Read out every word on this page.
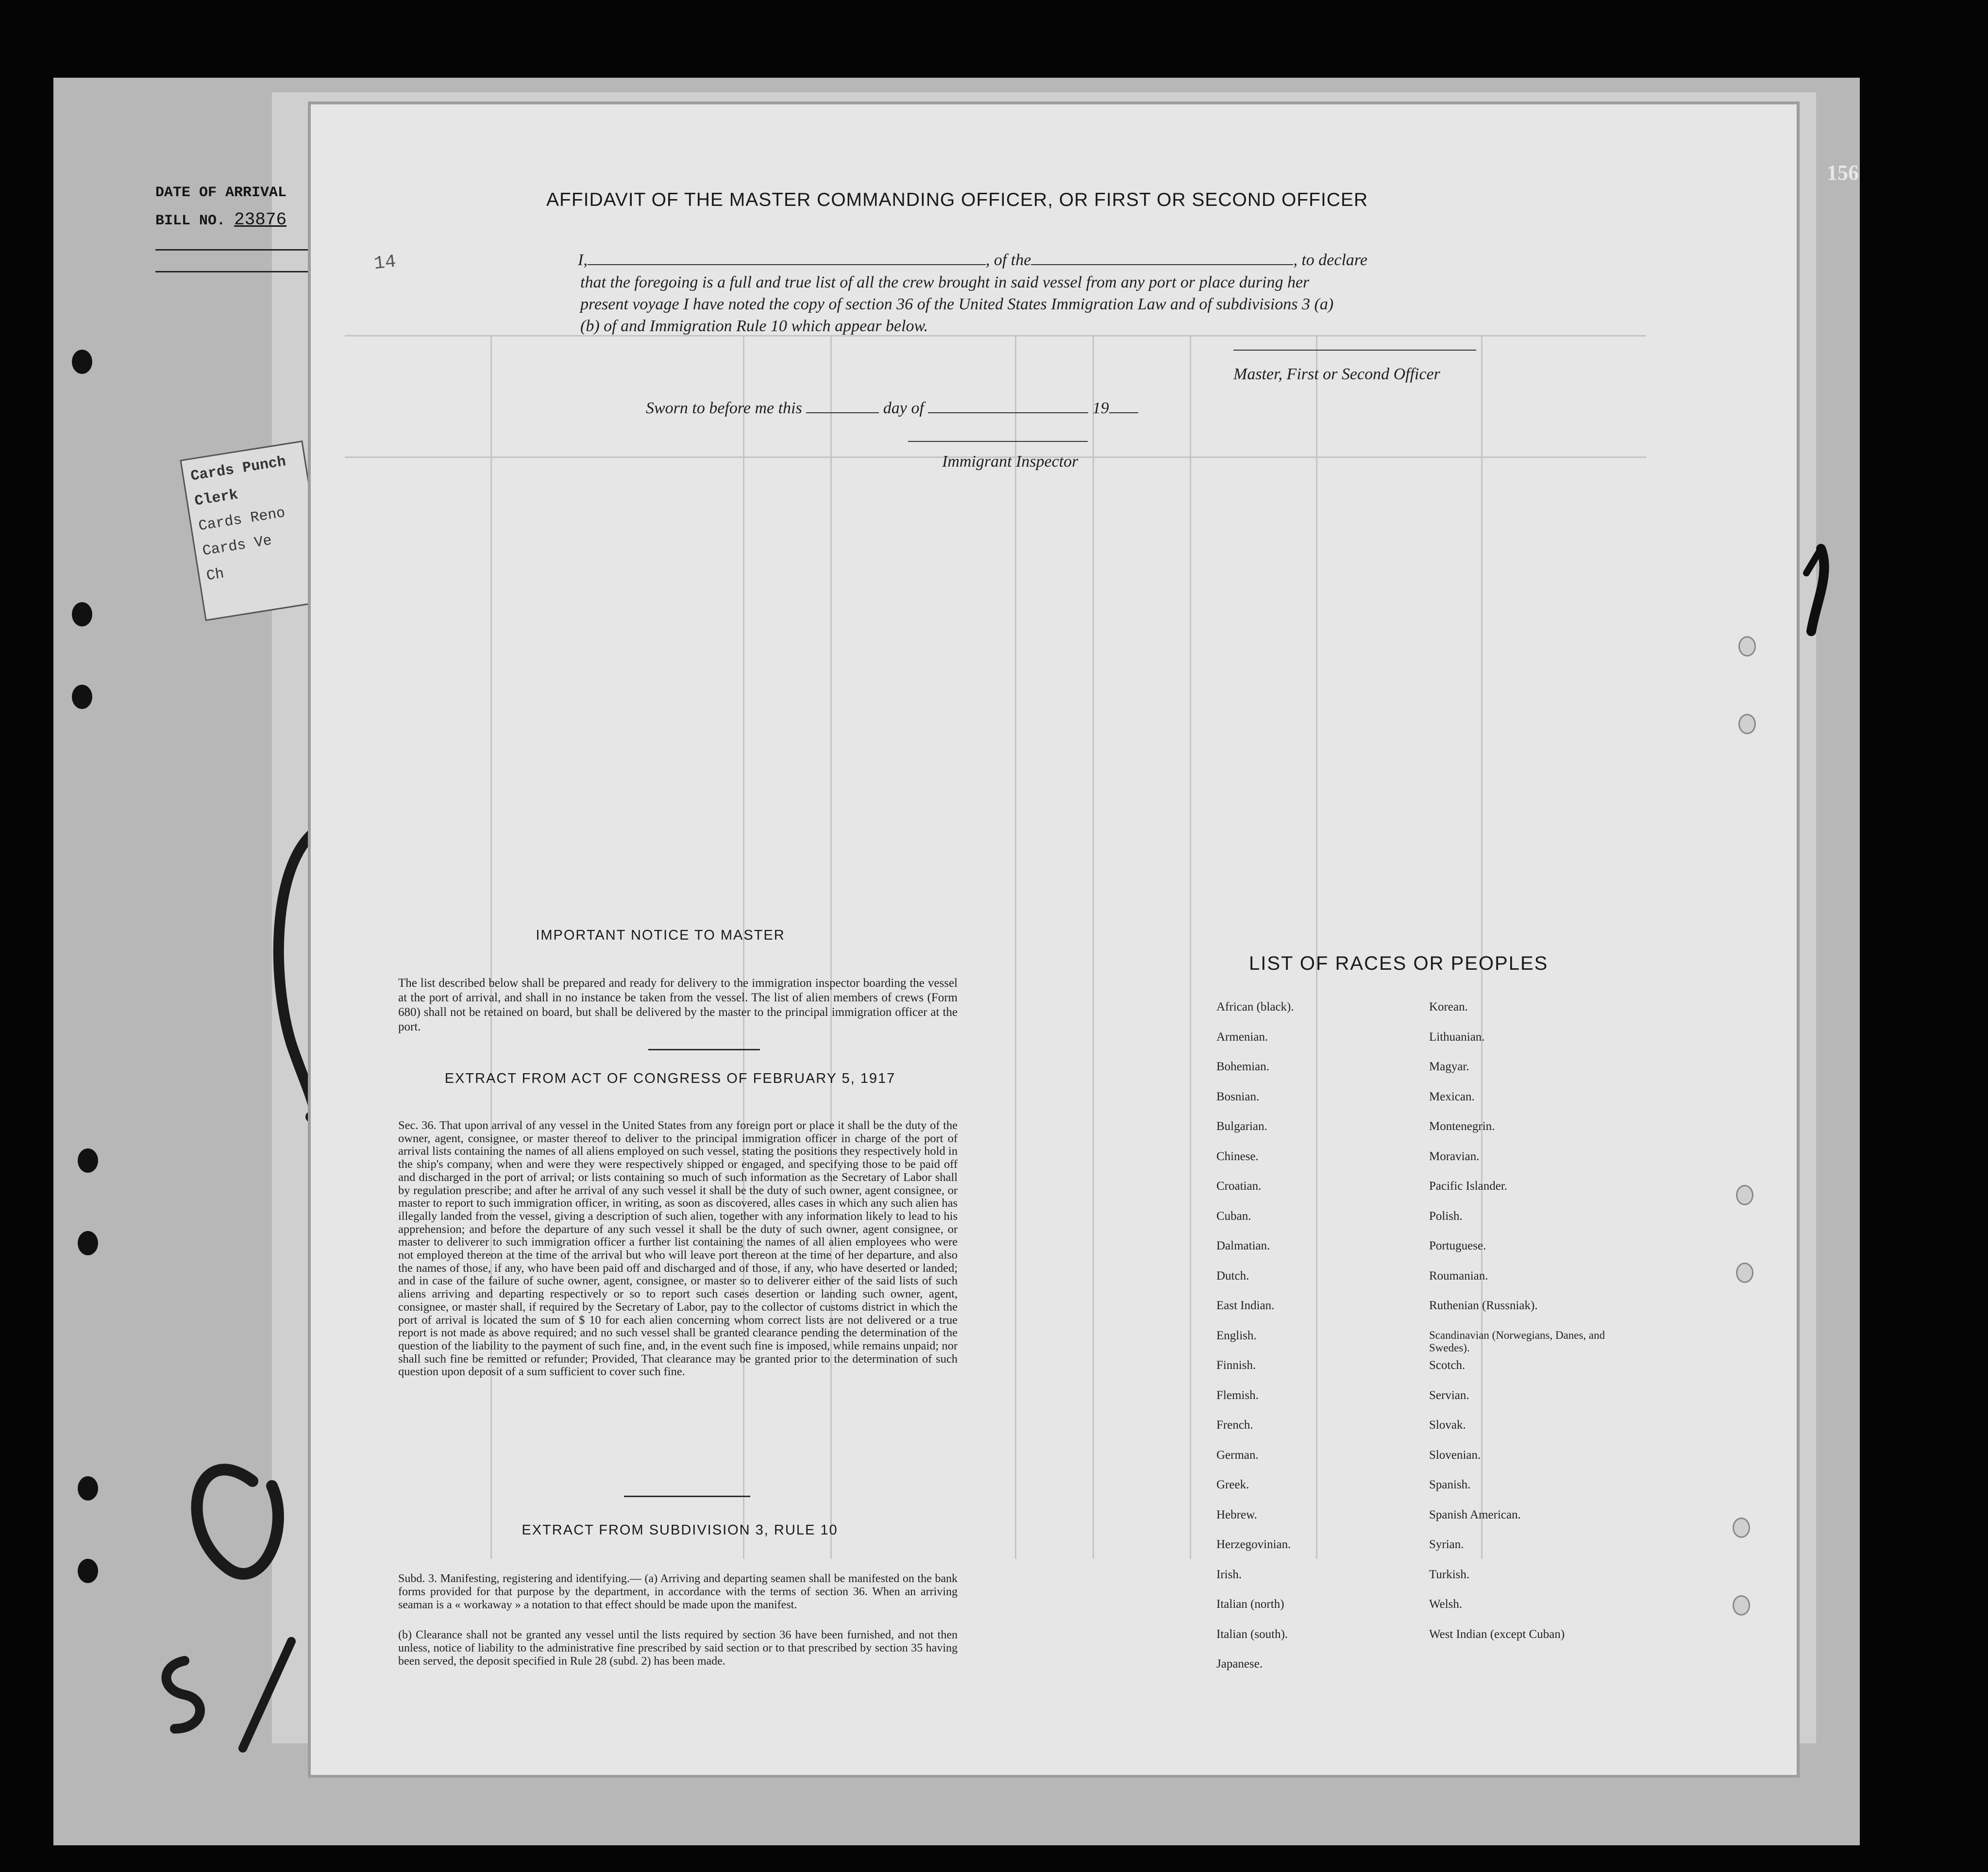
DATE OF ARRIVAL
BILL NO. 23876
Cards Punch
Clerk
Cards Reno
Cards Ve
Ch
156
AFFIDAVIT OF THE MASTER COMMANDING OFFICER, OR FIRST OR SECOND OFFICER
I,	, of the	, to declare
that the foregoing is a full and true list of all the crew brought in said vessel from any port or place during her
present voyage I have noted the copy of section 36 of the United States Immigration Law and of subdivisions 3 (a)
(b) of and Immigration Rule 10 which appear below.
Master, First or Second Officer
Sworn to before me this	day of	19
Immigrant Inspector
14
IMPORTANT NOTICE TO MASTER
The list described below shall be prepared and ready for delivery to the immigration inspector boarding the vessel at the port of arrival, and shall in no instance be taken from the vessel. The list of alien members of crews (Form 680) shall not be retained on board, but shall be delivered by the master to the principal immigration officer at the port.
EXTRACT FROM ACT OF CONGRESS OF FEBRUARY 5, 1917
Sec. 36. That upon arrival of any vessel in the United States from any foreign port or place it shall be the duty of the owner, agent, consignee, or master thereof to deliver to the principal immigration officer in charge of the port of arrival lists containing the names of all aliens employed on such vessel, stating the positions they respectively hold in the ship's company, when and were they were respectively shipped or engaged, and specifying those to be paid off and discharged in the port of arrival; or lists containing so much of such information as the Secretary of Labor shall by regulation prescribe; and after he arrival of any such vessel it shall be the duty of such owner, agent consignee, or master to report to such immigration officer, in writing, as soon as discovered, alles cases in which any such alien has illegally landed from the vessel, giving a description of such alien, together with any information likely to lead to his apprehension; and before the departure of any such vessel it shall be the duty of such owner, agent consignee, or master to deliverer to such immigration officer a further list containing the names of all alien employees who were not employed thereon at the time of the arrival but who will leave port thereon at the time of her departure, and also the names of those, if any, who have been paid off and discharged and of those, if any, who have deserted or landed; and in case of the failure of suche owner, agent, consignee, or master so to deliverer either of the said lists of such aliens arriving and departing respectively or so to report such cases desertion or landing such owner, agent, consignee, or master shall, if required by the Secretary of Labor, pay to the collector of customs district in which the port of arrival is located the sum of $ 10 for each alien concerning whom correct lists are not delivered or a true report is not made as above required; and no such vessel shall be granted clearance pending the determination of the question of the liability to the payment of such fine, and, in the event such fine is imposed, while remains unpaid; nor shall such fine be remitted or refunder; Provided, That clearance may be granted prior to the determination of such question upon deposit of a sum sufficient to cover such fine.
EXTRACT FROM SUBDIVISION 3, RULE 10
Subd. 3. Manifesting, registering and identifying.— (a) Arriving and departing seamen shall be manifested on the bank forms provided for that purpose by the department, in accordance with the terms of section 36. When an arriving seaman is a « workaway » a notation to that effect should be made upon the manifest.
(b) Clearance shall not be granted any vessel until the lists required by section 36 have been furnished, and not then unless, notice of liability to the administrative fine prescribed by said section or to that prescribed by section 35 having been served, the deposit specified in Rule 28 (subd. 2) has been made.
LIST OF RACES OR PEOPLES
African (black).
Armenian.
Bohemian.
Bosnian.
Bulgarian.
Chinese.
Croatian.
Cuban.
Dalmatian.
Dutch.
East Indian.
English.
Finnish.
Flemish.
French.
German.
Greek.
Hebrew.
Herzegovinian.
Irish.
Italian (north)
Italian (south).
Japanese.
Korean.
Lithuanian.
Magyar.
Mexican.
Montenegrin.
Moravian.
Pacific Islander.
Polish.
Portuguese.
Roumanian.
Ruthenian (Russniak).
Scandinavian (Norwegians, Danes, and Swedes).
Scotch.
Servian.
Slovak.
Slovenian.
Spanish.
Spanish American.
Syrian.
Turkish.
Welsh.
West Indian (except Cuban)
